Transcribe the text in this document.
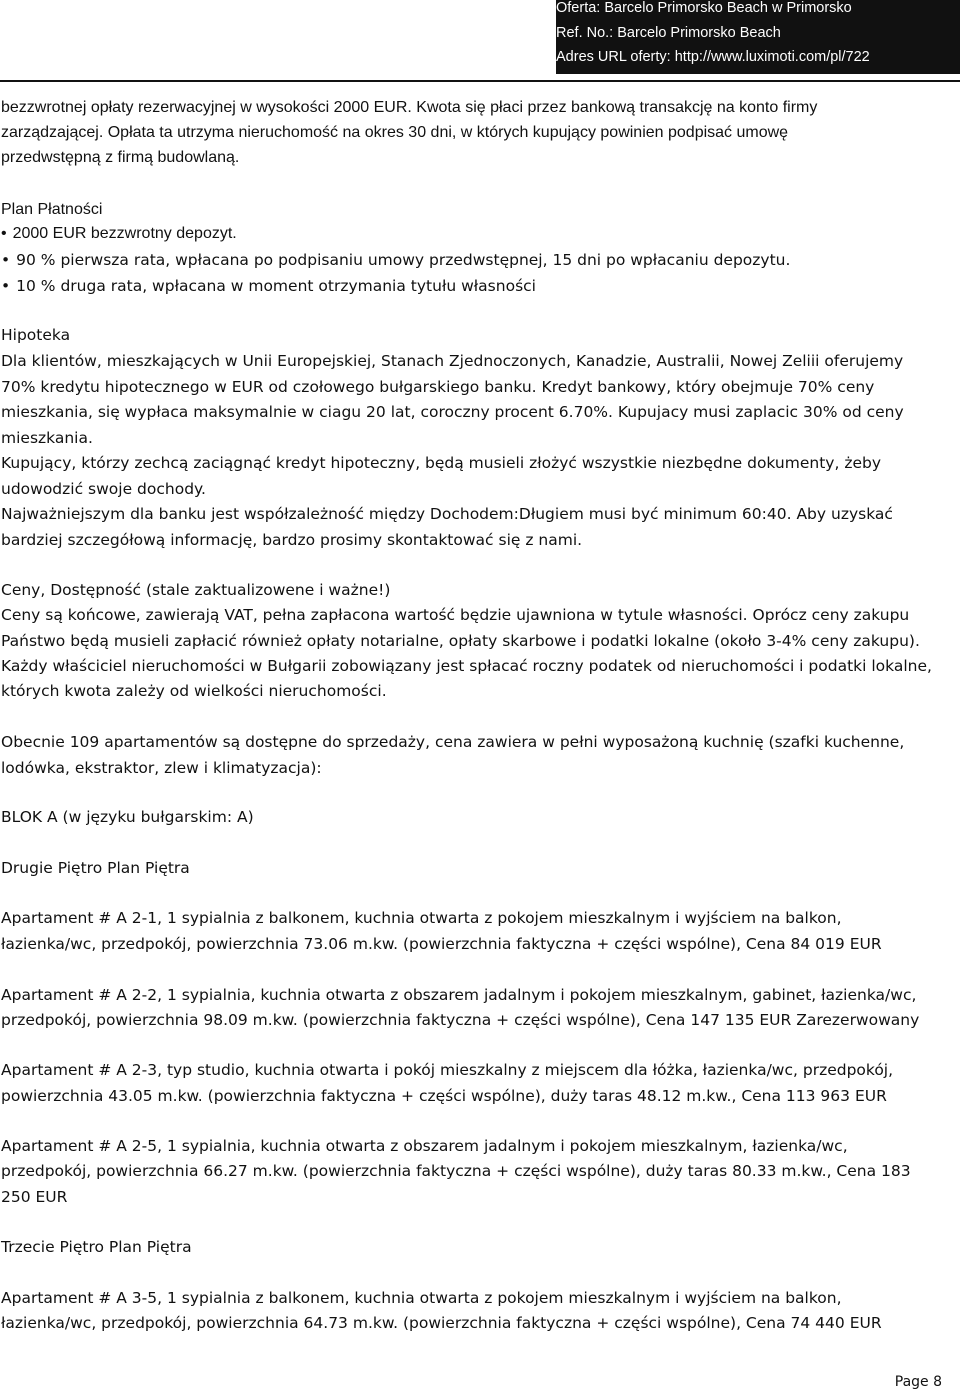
Oferta: Barcelo Primorsko Beach w Primorsko
Ref. No.: Barcelo Primorsko Beach
Adres URL oferty: http://www.luximoti.com/pl/722
bezzwrotnej opłaty rezerwacyjnej w wysokości 2000 EUR. Kwota się płaci przez bankową transakcję na konto firmy
zarządzającej. Opłata ta utrzyma nieruchomość na okres 30 dni, w których kupujący powinien podpisać umowę
przedwstępną z firmą budowlaną.
Plan Płatności
• 2000 EUR bezzwrotny depozyt.
• 90 % pierwsza rata, wpłacana po podpisaniu umowy przedwstępnej, 15 dni po wpłacaniu depozytu.
• 10 % druga rata, wpłacana w moment otrzymania tytułu własności
Hipoteka
Dla klientów, mieszkających w Unii Europejskiej, Stanach Zjednoczonych, Kanadzie, Australii, Nowej Zeliii oferujemy
70% kredytu hipotecznego w EUR od czołowego bułgarskiego banku. Kredyt bankowy, który obejmuje 70% ceny
mieszkania, się wypłaca maksymalnie w ciagu 20 lat, coroczny procent 6.70%. Kupujacy musi zaplacic 30% od ceny
mieszkania.
Kupujący, którzy zechcą zaciągnąć kredyt hipoteczny, będą musieli złożyć wszystkie niezbędne dokumenty, żeby
udowodzić swoje dochody.
Najważniejszym dla banku jest współzależność między Dochodem:Długiem musi być minimum 60:40. Aby uzyskać
bardziej szczegółową informację, bardzo prosimy skontaktować się z nami.
Ceny, Dostępność (stale zaktualizowene i ważne!)
Ceny są końcowe, zawierają VAT, pełna zapłacona wartość będzie ujawniona w tytule własności. Oprócz ceny zakupu
Państwo będą musieli zapłacić również opłaty notarialne, opłaty skarbowe i podatki lokalne (około 3-4% ceny zakupu).
Każdy właściciel nieruchomości w Bułgarii zobowiązany jest spłacać roczny podatek od nieruchomości i podatki lokalne,
których kwota zależy od wielkości nieruchomości.
Obecnie 109 apartamentów są dostępne do sprzedaży, cena zawiera w pełni wyposażoną kuchnię (szafki kuchenne,
lodówka, ekstraktor, zlew i klimatyzacja):
BLOK A (w języku bułgarskim: A)
Drugie Piętro Plan Piętra
Apartament # A 2-1, 1 sypialnia z balkonem, kuchnia otwarta z pokojem mieszkalnym i wyjściem na balkon,
łazienka/wc, przedpokój, powierzchnia 73.06 m.kw. (powierzchnia faktyczna + części wspólne), Cena 84 019 EUR
Apartament # A 2-2, 1 sypialnia, kuchnia otwarta z obszarem jadalnym i pokojem mieszkalnym, gabinet, łazienka/wc,
przedpokój, powierzchnia 98.09 m.kw. (powierzchnia faktyczna + części wspólne), Cena 147 135 EUR Zarezerwowany
Apartament # A 2-3, typ studio, kuchnia otwarta i pokój mieszkalny z miejscem dla łóżka, łazienka/wc, przedpokój,
powierzchnia 43.05 m.kw. (powierzchnia faktyczna + części wspólne), duży taras 48.12 m.kw., Cena 113 963 EUR
Apartament # A 2-5, 1 sypialnia, kuchnia otwarta z obszarem jadalnym i pokojem mieszkalnym, łazienka/wc,
przedpokój, powierzchnia 66.27 m.kw. (powierzchnia faktyczna + części wspólne), duży taras 80.33 m.kw., Cena 183
250 EUR
Trzecie Piętro Plan Piętra
Apartament # A 3-5, 1 sypialnia z balkonem, kuchnia otwarta z pokojem mieszkalnym i wyjściem na balkon,
łazienka/wc, przedpokój, powierzchnia 64.73 m.kw. (powierzchnia faktyczna + części wspólne), Cena 74 440 EUR
Page 8
